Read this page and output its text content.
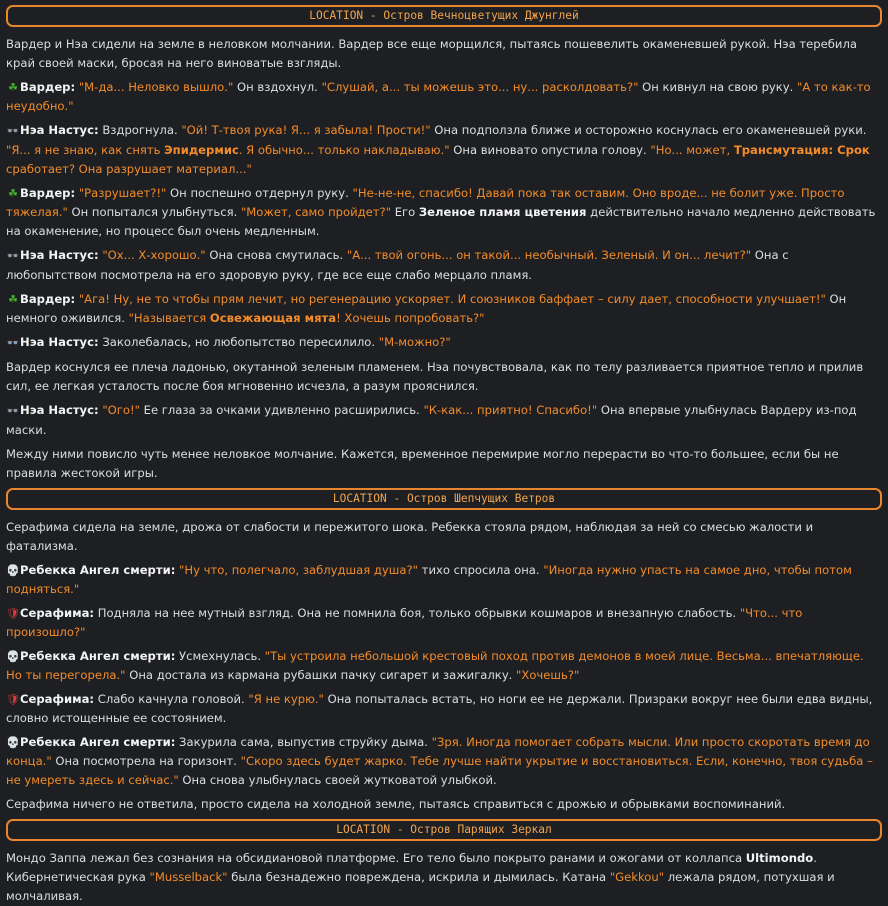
LOCATION - Остров Вечноцветущих Джунглей
Вардер и Нэа сидели на земле в неловком молчании. Вардер все еще морщился, пытаясь пошевелить окаменевшей рукой. Нэа теребила край своей маски, бросая на него виноватые взгляды.
☘ Вардер: "М-да... Неловко вышло." Он вздохнул. "Слушай, а... ты можешь это... ну... расколдовать?" Он кивнул на свою руку. "А то как-то неудобно."
👓Нэа Настус: Вздрогнула. "Ой! Т-твоя рука! Я... я забыла! Прости!" Она подползла ближе и осторожно коснулась его окаменевшей руки. "Я... я не знаю, как снять Эпидермис. Я обычно... только накладываю." Она виновато опустила голову. "Но... может, Трансмутация: Срок сработает? Она разрушает материал..."
☘ Вардер: "Разрушает?!" Он поспешно отдернул руку. "Не-не-не, спасибо! Давай пока так оставим. Оно вроде... не болит уже. Просто тяжелая." Он попытался улыбнуться. "Может, само пройдет?" Его Зеленое пламя цветения действительно начало медленно действовать на окаменение, но процесс был очень медленным.
👓Нэа Настус: "Ох... Х-хорошо." Она снова смутилась. "А... твой огонь... он такой... необычный. Зеленый. И он... лечит?" Она с любопытством посмотрела на его здоровую руку, где все еще слабо мерцало пламя.
☘ Вардер: "Ага! Ну, не то чтобы прям лечит, но регенерацию ускоряет. И союзников баффает – силу дает, способности улучшает!" Он немного оживился. "Называется Освежающая мята! Хочешь попробовать?"
👓Нэа Настус: Заколебалась, но любопытство пересилило. "М-можно?"
Вардер коснулся ее плеча ладонью, окутанной зеленым пламенем. Нэа почувствовала, как по телу разливается приятное тепло и прилив сил, ее легкая усталость после боя мгновенно исчезла, а разум прояснился.
👓Нэа Настус: "Ого!" Ее глаза за очками удивленно расширились. "К-как... приятно! Спасибо!" Она впервые улыбнулась Вардеру из-под маски.
Между ними повисло чуть менее неловкое молчание. Кажется, временное перемирие могло перерасти во что-то большее, если бы не правила жестокой игры.
LOCATION - Остров Шепчущих Ветров
Серафима сидела на земле, дрожа от слабости и пережитого шока. Ребекка стояла рядом, наблюдая за ней со смесью жалости и фатализма.
💀Ребекка Ангел смерти: "Ну что, полегчало, заблудшая душа?" тихо спросила она. "Иногда нужно упасть на самое дно, чтобы потом подняться."
🛡Серафима: Подняла на нее мутный взгляд. Она не помнила боя, только обрывки кошмаров и внезапную слабость. "Что... что произошло?"
💀Ребекка Ангел смерти: Усмехнулась. "Ты устроила небольшой крестовый поход против демонов в моей лице. Весьма... впечатляюще. Но ты перегорела." Она достала из кармана рубашки пачку сигарет и зажигалку. "Хочешь?"
🛡Серафима: Слабо качнула головой. "Я не курю." Она попыталась встать, но ноги ее не держали. Призраки вокруг нее были едва видны, словно истощенные ее состоянием.
💀Ребекка Ангел смерти: Закурила сама, выпустив струйку дыма. "Зря. Иногда помогает собрать мысли. Или просто скоротать время до конца." Она посмотрела на горизонт. "Скоро здесь будет жарко. Тебе лучше найти укрытие и восстановиться. Если, конечно, твоя судьба – не умереть здесь и сейчас." Она снова улыбнулась своей жутковатой улыбкой.
Серафима ничего не ответила, просто сидела на холодной земле, пытаясь справиться с дрожью и обрывками воспоминаний.
LOCATION - Остров Парящих Зеркал
Мондо Заппа лежал без сознания на обсидиановой платформе. Его тело было покрыто ранами и ожогами от коллапса Ultimondo. Кибернетическая рука "Musselback" была безнадежно повреждена, искрила и дымилась. Катана "Gekkou" лежала рядом, потухшая и молчаливая.
